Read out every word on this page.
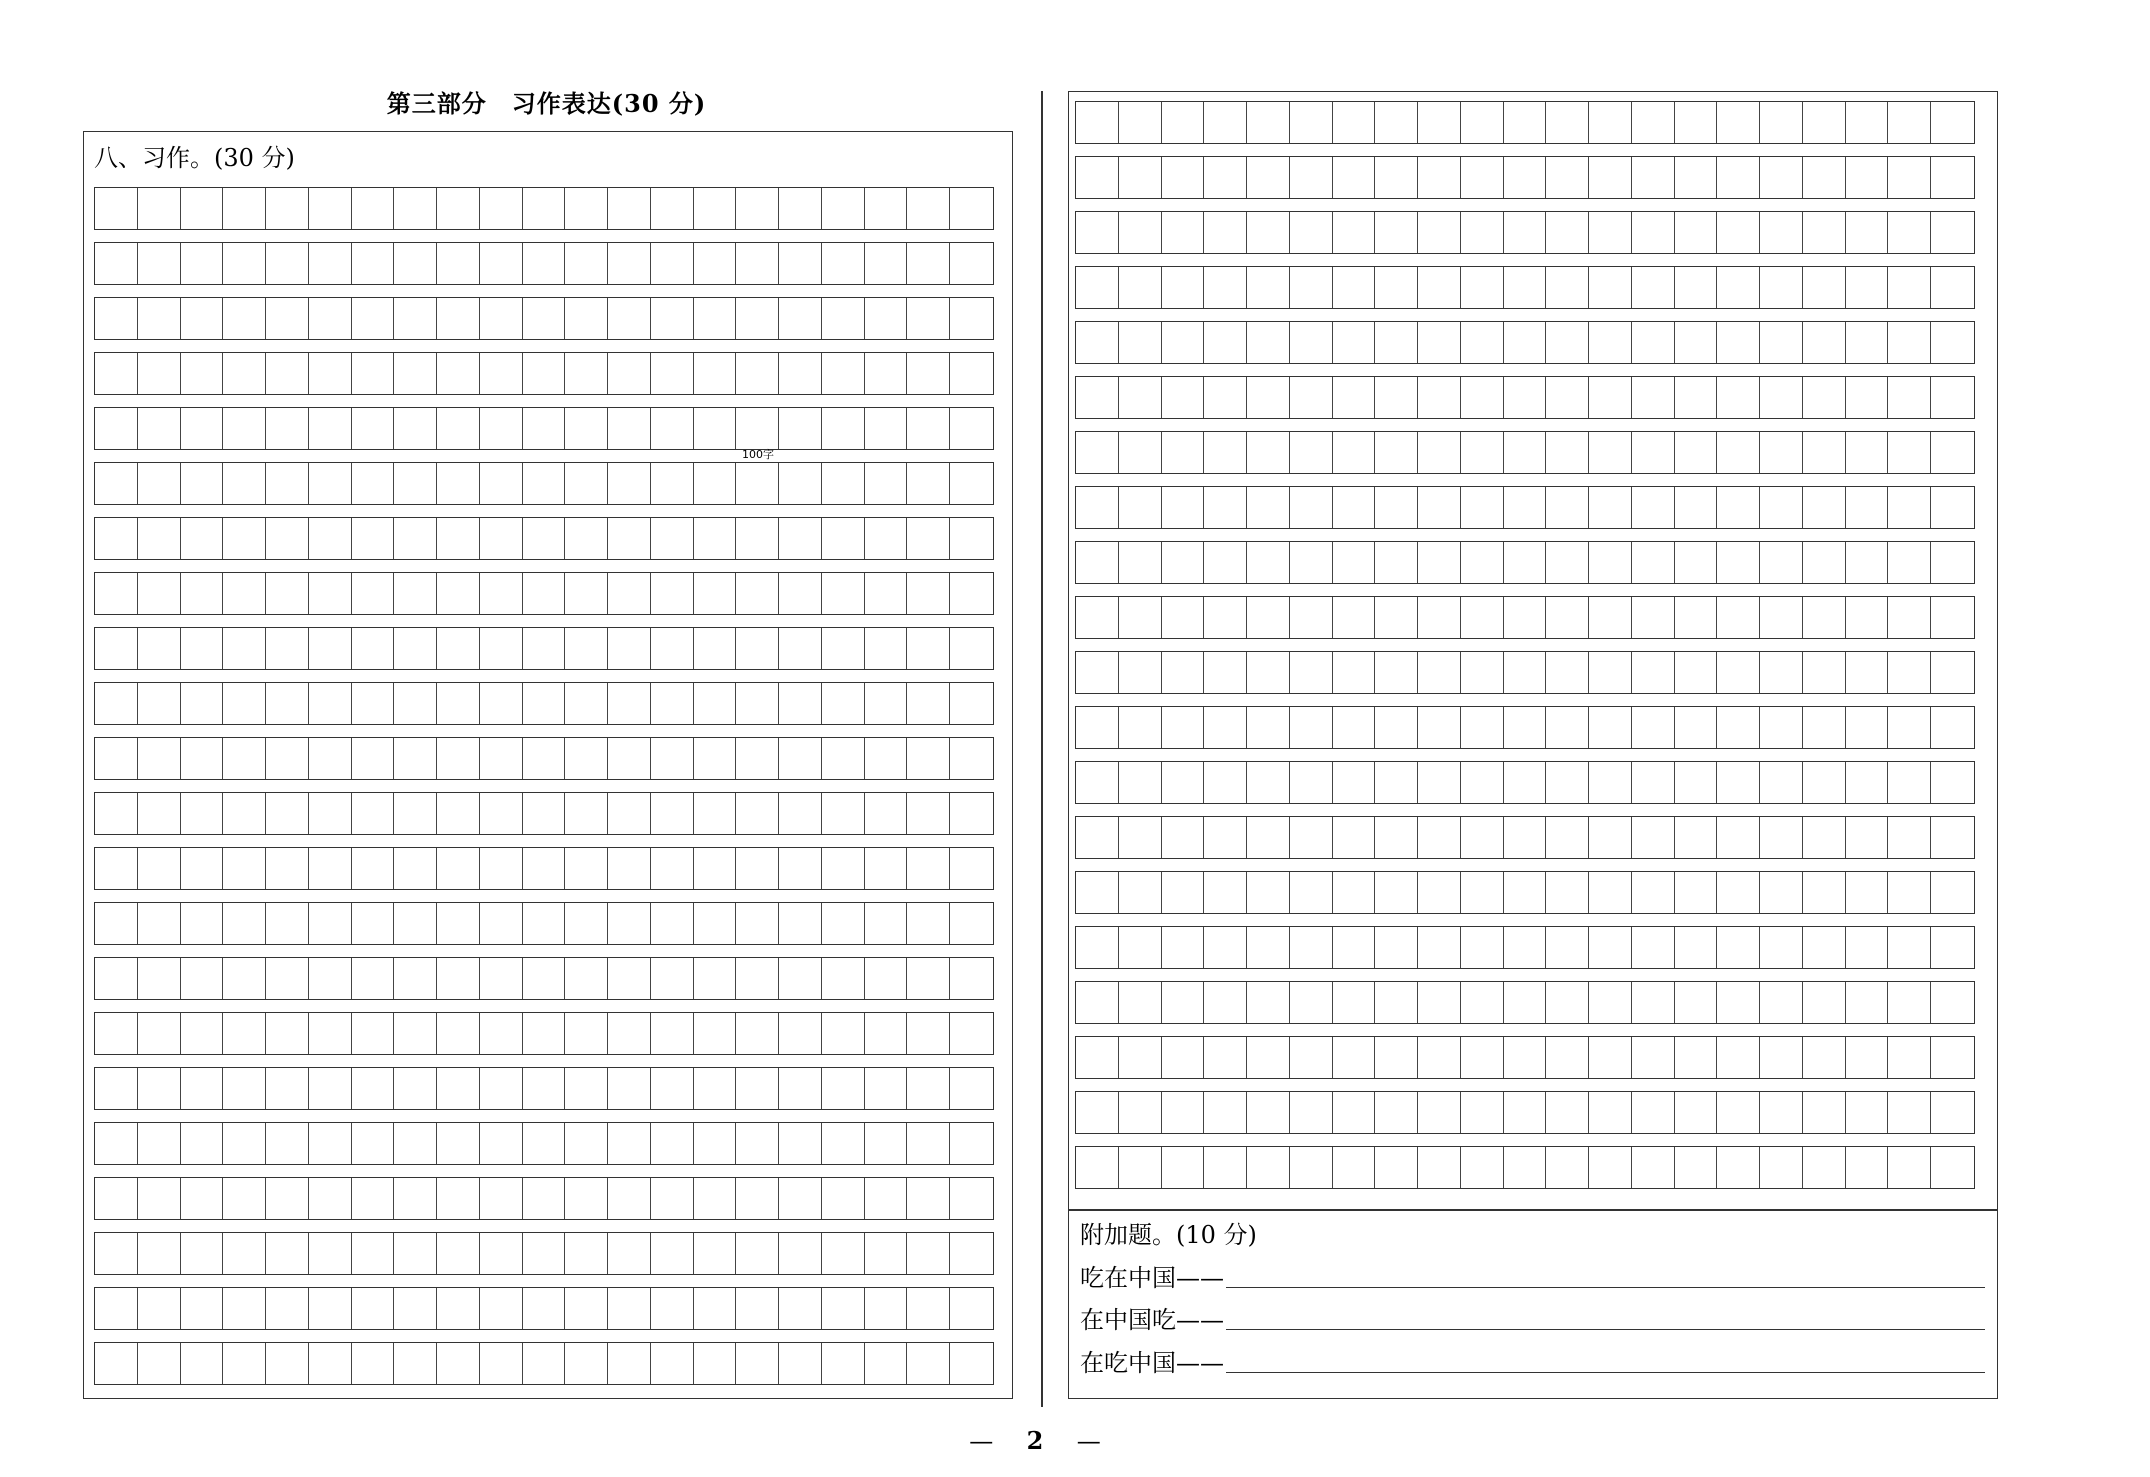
第三部分　习作表达(30 分)
八、习作。(30 分)
100字
附加题。(10 分)
吃在中国——
在中国吃——
在吃中国——
— 2 —
